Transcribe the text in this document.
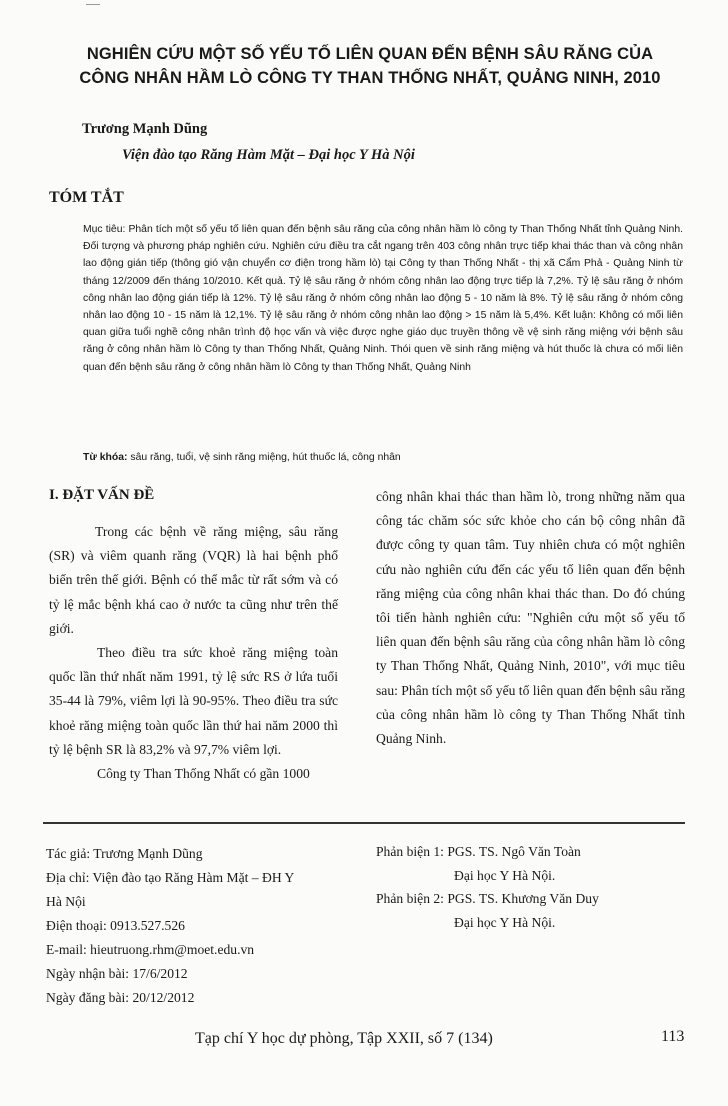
NGHIÊN CỨU MỘT SỐ YẾU TỐ LIÊN QUAN ĐẾN BỆNH SÂU RĂNG CỦA
CÔNG NHÂN HẦM LÒ CÔNG TY THAN THỐNG NHẤT, QUẢNG NINH, 2010
Trương Mạnh Dũng
Viện đào tạo Răng Hàm Mặt – Đại học Y Hà Nội
TÓM TẮT
Mục tiêu: Phân tích một số yếu tố liên quan đến bệnh sâu răng của công nhân hầm lò công ty Than Thống Nhất tỉnh Quảng Ninh. Đối tượng và phương pháp nghiên cứu. Nghiên cứu điều tra cắt ngang trên 403 công nhân trực tiếp khai thác than và công nhân lao động gián tiếp (thông gió vận chuyển cơ điện trong hầm lò) tại Công ty than Thống Nhất - thị xã Cẩm Phả - Quảng Ninh từ tháng 12/2009 đến tháng 10/2010. Kết quả. Tỷ lệ sâu răng ở nhóm công nhân lao động trực tiếp là 7,2%. Tỷ lệ sâu răng ở nhóm công nhân lao động gián tiếp là 12%. Tỷ lệ sâu răng ở nhóm công nhân lao động 5 - 10 năm là 8%. Tỷ lệ sâu răng ở nhóm công nhân lao động 10 - 15 năm là 12,1%. Tỷ lệ sâu răng ở nhóm công nhân lao động > 15 năm là 5,4%. Kết luận: Không có mối liên quan giữa tuổi nghề công nhân trình độ học vấn và việc được nghe giáo dục truyền thông về vệ sinh răng miệng với bệnh sâu răng ở công nhân hầm lò Công ty than Thống Nhất, Quảng Ninh. Thói quen về sinh răng miệng và hút thuốc là chưa có mối liên quan đến bệnh sâu răng ở công nhân hầm lò Công ty than Thống Nhất, Quảng Ninh
Từ khóa: sâu răng, tuổi, vệ sinh răng miệng, hút thuốc lá, công nhân
I. ĐẶT VẤN ĐỀ

Trong các bệnh về răng miệng, sâu răng (SR) và viêm quanh răng (VQR) là hai bệnh phổ biến trên thế giới. Bệnh có thể mắc từ rất sớm và có tỷ lệ mắc bệnh khá cao ở nước ta cũng như trên thế giới.

Theo điều tra sức khoẻ răng miệng toàn quốc lần thứ nhất năm 1991, tỷ lệ sức RS ở lứa tuổi 35-44 là 79%, viêm lợi là 90-95%. Theo điều tra sức khoẻ răng miệng toàn quốc lần thứ hai năm 2000 thì tỷ lệ bệnh SR là 83,2% và 97,7% viêm lợi.

Công ty Than Thống Nhất có gần 1000

công nhân khai thác than hầm lò, trong những năm qua công tác chăm sóc sức khỏe cho cán bộ công nhân đã được công ty quan tâm. Tuy nhiên chưa có một nghiên cứu nào nghiên cứu đến các yếu tố liên quan đến bệnh răng miệng của công nhân khai thác than. Do đó chúng tôi tiến hành nghiên cứu: "Nghiên cứu một số yếu tố liên quan đến bệnh sâu răng của công nhân hầm lò công ty Than Thống Nhất, Quảng Ninh, 2010", với mục tiêu sau: Phân tích một số yếu tố liên quan đến bệnh sâu răng của công nhân hầm lò công ty Than Thống Nhất tỉnh Quảng Ninh.

Tác giả: Trương Mạnh Dũng
Địa chỉ: Viện đào tạo Răng Hàm Mặt – ĐH Y
Hà Nội
Điện thoại: 0913.527.526
E-mail: hieutruong.rhm@moet.edu.vn
Ngày nhận bài: 17/6/2012
Ngày đăng bài: 20/12/2012
Phản biện 1: PGS. TS. Ngô Văn Toàn
Đại học Y Hà Nội.
Phản biện 2: PGS. TS. Khương Văn Duy
Đại học Y Hà Nội.
Tạp chí Y học dự phòng, Tập XXII, số 7 (134)	113
